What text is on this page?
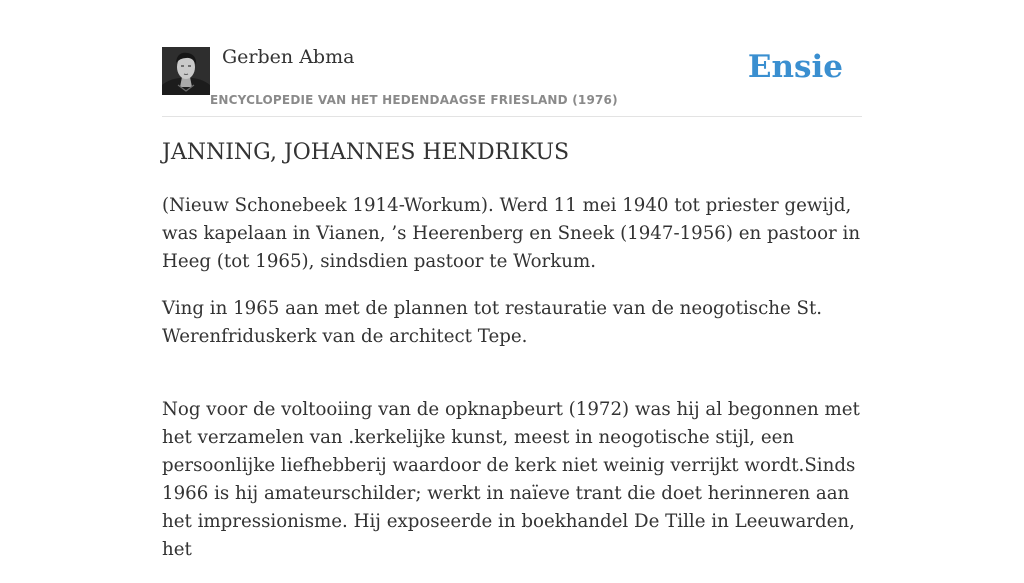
Gerben Abma
ENCYCLOPEDIE VAN HET HEDENDAAGSE FRIESLAND (1976)
Ensie
JANNING, JOHANNES HENDRIKUS

(Nieuw Schonebeek 1914-Workum). Werd 11 mei 1940 tot priester gewijd, was kapelaan in Vianen, ’s Heerenberg en Sneek (1947-1956) en pastoor in Heeg (tot 1965), sindsdien pastoor te Workum.

Ving in 1965 aan met de plannen tot restauratie van de neogotische St. Werenfriduskerk van de architect Tepe.

Nog voor de voltooiing van de opknapbeurt (1972) was hij al begonnen met het verzamelen van .kerkelijke kunst, meest in neogotische stijl, een persoonlijke liefhebberij waardoor de kerk niet weinig verrijkt wordt.Sinds 1966 is hij amateurschilder; werkt in naïeve trant die doet herinneren aan het impressionisme. Hij exposeerde in boekhandel De Tille in Leeuwarden, het
